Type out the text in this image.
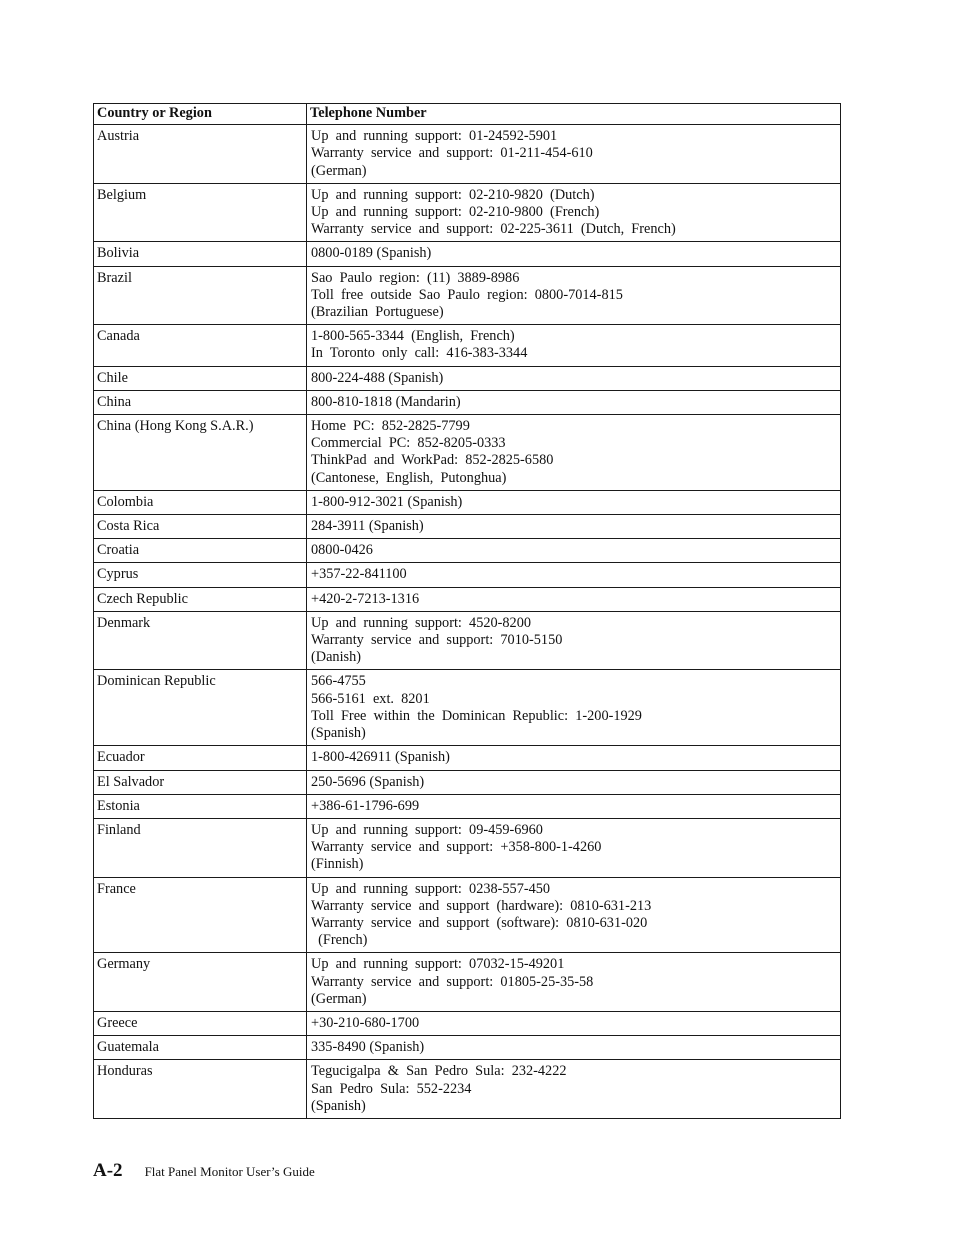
Country or Region	Telephone Number
Austria	Up  and  running  support:  01-24592-5901
Warranty  service  and  support:  01-211-454-610
(German)

Belgium	Up  and  running  support:  02-210-9820  (Dutch)
Up  and  running  support:  02-210-9800  (French)
Warranty  service  and  support:  02-225-3611  (Dutch,  French)

Bolivia	0800-0189 (Spanish)

Brazil	Sao  Paulo  region:  (11)  3889-8986
Toll  free  outside  Sao  Paulo  region:  0800-7014-815
(Brazilian  Portuguese)

Canada	1-800-565-3344  (English,  French)
In  Toronto  only  call:  416-383-3344

Chile	800-224-488 (Spanish)

China	800-810-1818 (Mandarin)

China (Hong Kong S.A.R.)	Home  PC:  852-2825-7799
Commercial  PC:  852-8205-0333
ThinkPad  and  WorkPad:  852-2825-6580
(Cantonese,  English,  Putonghua)

Colombia	1-800-912-3021 (Spanish)

Costa Rica	284-3911 (Spanish)

Croatia	0800-0426

Cyprus	+357-22-841100

Czech Republic	+420-2-7213-1316

Denmark	Up  and  running  support:  4520-8200
Warranty  service  and  support:  7010-5150
(Danish)

Dominican Republic	566-4755
566-5161  ext.  8201
Toll  Free  within  the  Dominican  Republic:  1-200-1929
(Spanish)

Ecuador	1-800-426911 (Spanish)

El Salvador	250-5696 (Spanish)

Estonia	+386-61-1796-699

Finland	Up  and  running  support:  09-459-6960
Warranty  service  and  support:  +358-800-1-4260
(Finnish)

France	Up  and  running  support:  0238-557-450
Warranty  service  and  support  (hardware):  0810-631-213
Warranty  service  and  support  (software):  0810-631-020
(French)

Germany	Up  and  running  support:  07032-15-49201
Warranty  service  and  support:  01805-25-35-58
(German)

Greece	+30-210-680-1700

Guatemala	335-8490 (Spanish)

Honduras	Tegucigalpa  &  San  Pedro  Sula:  232-4222
San  Pedro  Sula:  552-2234
(Spanish)
A-2 Flat Panel Monitor User’s Guide
